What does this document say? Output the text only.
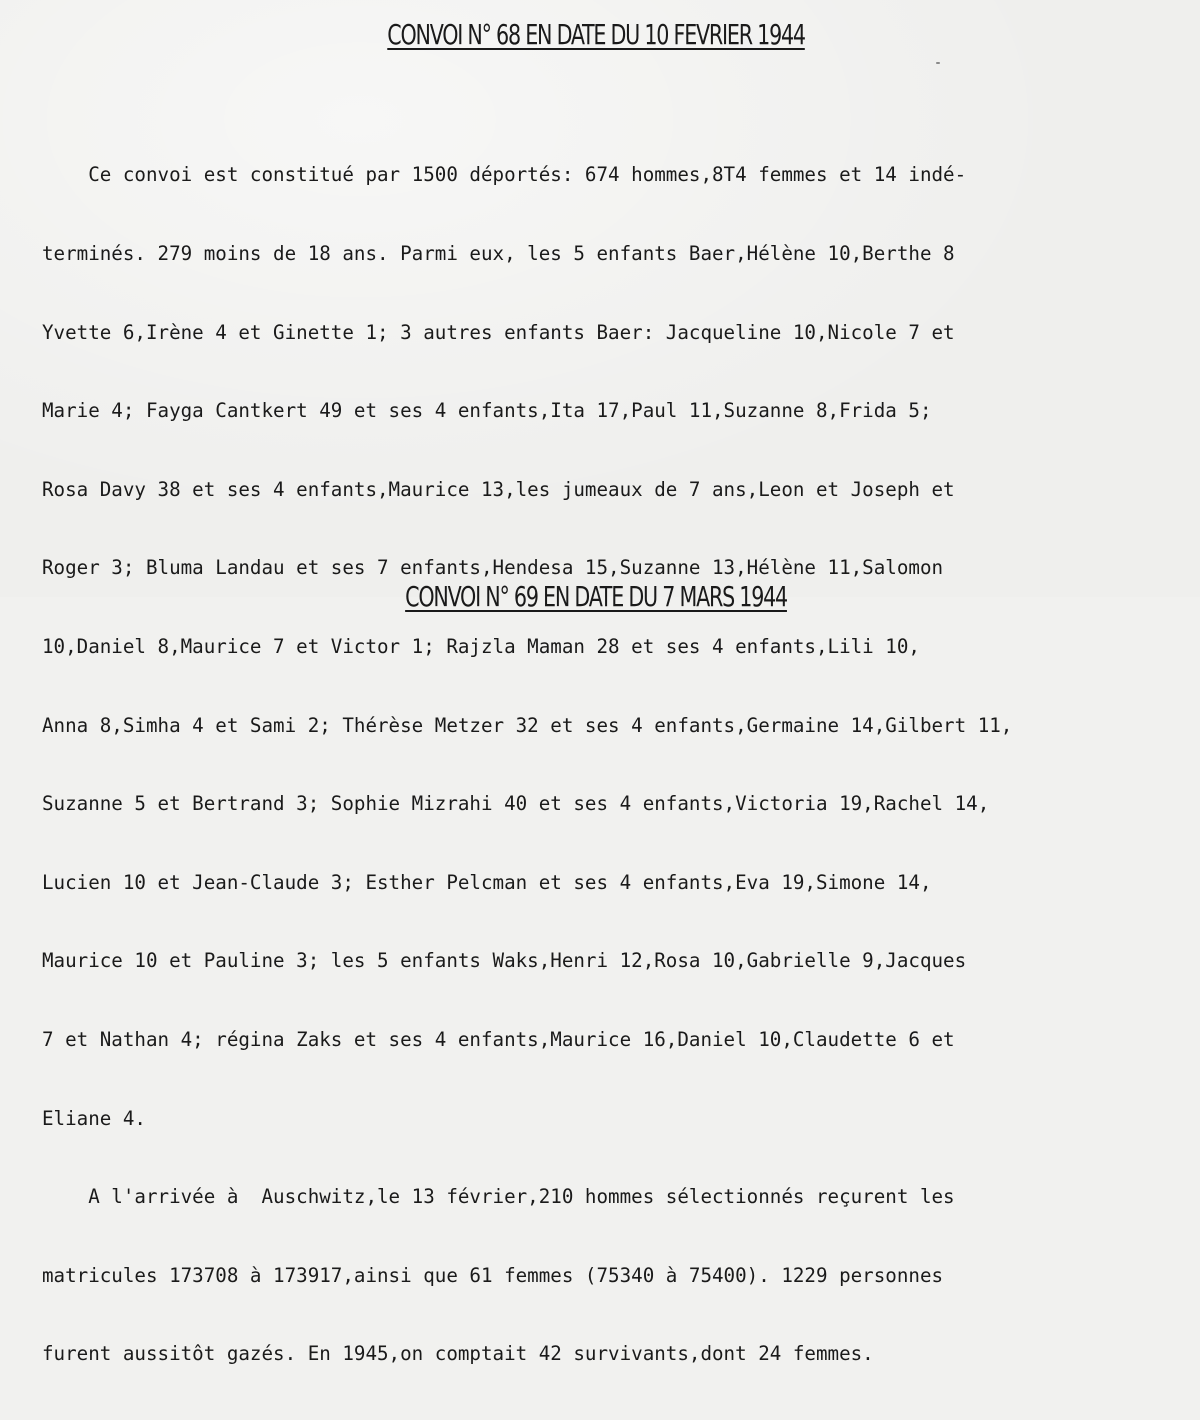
CONVOI N° 68 EN DATE DU 10 FEVRIER 1944

Ce convoi est constitué par 1500 déportés: 674 hommes,8T4 femmes et 14 indé-

terminés. 279 moins de 18 ans. Parmi eux, les 5 enfants Baer,Hélène 10,Berthe 8

Yvette 6,Irène 4 et Ginette 1; 3 autres enfants Baer: Jacqueline 10,Nicole 7 et

Marie 4; Fayga Cantkert 49 et ses 4 enfants,Ita 17,Paul 11,Suzanne 8,Frida 5;

Rosa Davy 38 et ses 4 enfants,Maurice 13,les jumeaux de 7 ans,Leon et Joseph et

Roger 3; Bluma Landau et ses 7 enfants,Hendesa 15,Suzanne 13,Hélène 11,Salomon

10,Daniel 8,Maurice 7 et Victor 1; Rajzla Maman 28 et ses 4 enfants,Lili 10,

Anna 8,Simha 4 et Sami 2; Thérèse Metzer 32 et ses 4 enfants,Germaine 14,Gilbert 11,

Suzanne 5 et Bertrand 3; Sophie Mizrahi 40 et ses 4 enfants,Victoria 19,Rachel 14,

Lucien 10 et Jean-Claude 3; Esther Pelcman et ses 4 enfants,Eva 19,Simone 14,

Maurice 10 et Pauline 3; les 5 enfants Waks,Henri 12,Rosa 10,Gabrielle 9,Jacques

7 et Nathan 4; régina Zaks et ses 4 enfants,Maurice 16,Daniel 10,Claudette 6 et

Eliane 4.

A l'arrivée à  Auschwitz,le 13 février,210 hommes sélectionnés reçurent les

matricules 173708 à 173917,ainsi que 61 femmes (75340 à 75400). 1229 personnes

furent aussitôt gazés. En 1945,on comptait 42 survivants,dont 24 femmes.

CONVOI N° 69 EN DATE DU 7 MARS 1944
